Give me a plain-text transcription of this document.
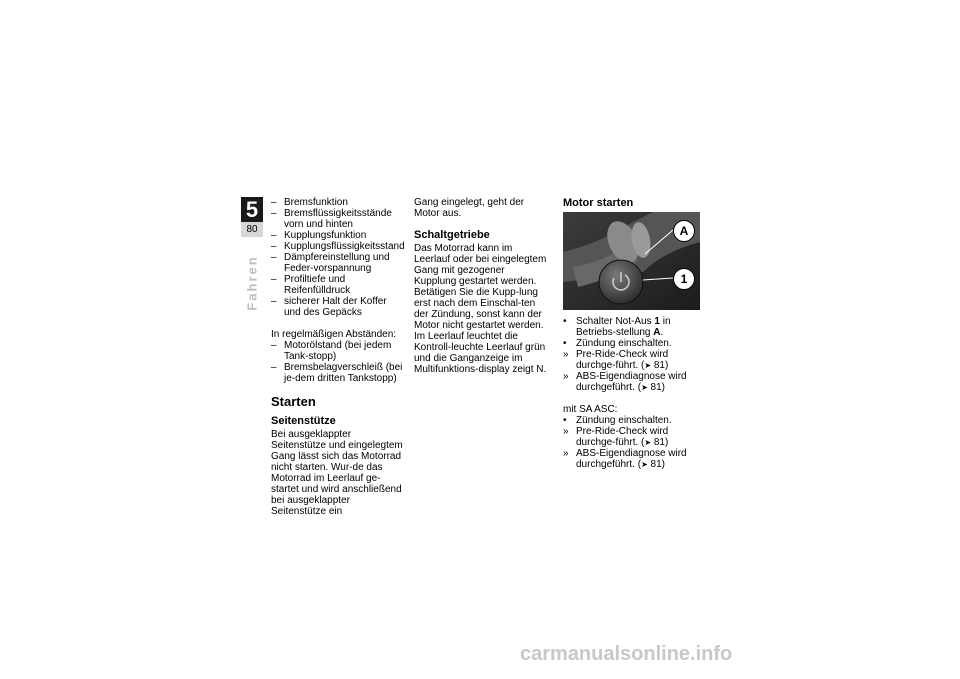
5
80
Fahren
– Bremsfunktion
– Bremsflüssigkeitsstände vorn und hinten
– Kupplungsfunktion
– Kupplungsflüssigkeitsstand
– Dämpfereinstellung und Feder-vorspannung
– Profiltiefe und Reifenfülldruck
– sicherer Halt der Koffer und des Gepäcks

In regelmäßigen Abständen:

– Motorölstand (bei jedem Tank-stopp)
– Bremsbelagverschleiß (bei je-dem dritten Tankstopp)
Starten
Seitenstütze

Bei ausgeklappter Seitenstütze und eingelegtem Gang lässt sich das Motorrad nicht starten. Wur-de das Motorrad im Leerlauf ge-startet und wird anschließend bei ausgeklappter Seitenstütze ein

Gang eingelegt, geht der Motor aus.

Schaltgetriebe

Das Motorrad kann im Leerlauf oder bei eingelegtem Gang mit gezogener Kupplung gestartet werden. Betätigen Sie die Kupp-lung erst nach dem Einschal-ten der Zündung, sonst kann der Motor nicht gestartet werden.

Im Leerlauf leuchtet die Kontroll-leuchte Leerlauf grün und die Ganganzeige im Multifunktions-display zeigt N.

Motor starten
A
1
• Schalter Not-Aus 1 in Betriebs-stellung A.
• Zündung einschalten.
» Pre-Ride-Check wird durchge-führt. (➤ 81)
» ABS-Eigendiagnose wird durchgeführt. (➤ 81)

mit SA ASC:

• Zündung einschalten.
» Pre-Ride-Check wird durchge-führt. (➤ 81)
» ABS-Eigendiagnose wird durchgeführt. (➤ 81)
carmanualsonline.info
